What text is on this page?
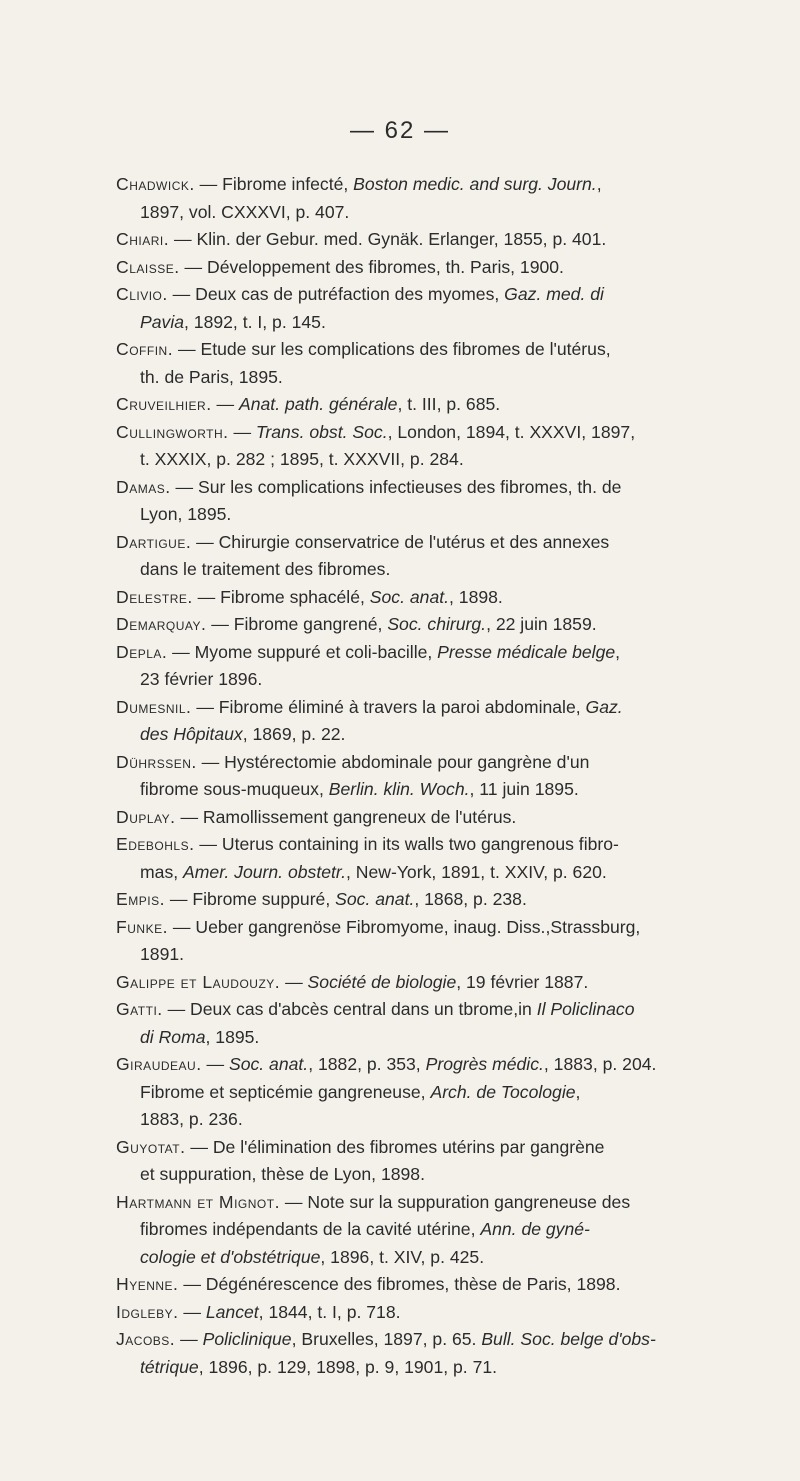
— 62 —
Chadwick. — Fibrome infecté, Boston medic. and surg. Journ.,
1897, vol. CXXXVI, p. 407.
Chiari. — Klin. der Gebur. med. Gynäk. Erlanger, 1855, p. 401.
Claisse. — Développement des fibromes, th. Paris, 1900.
Clivio. — Deux cas de putréfaction des myomes, Gaz. med. di
Pavia, 1892, t. I, p. 145.
Coffin. — Etude sur les complications des fibromes de l'utérus,
th. de Paris, 1895.
Cruveilhier. — Anat. path. générale, t. III, p. 685.
Cullingworth. — Trans. obst. Soc., London, 1894, t. XXXVI, 1897,
t. XXXIX, p. 282 ; 1895, t. XXXVII, p. 284.
Damas. — Sur les complications infectieuses des fibromes, th. de
Lyon, 1895.
Dartigue. — Chirurgie conservatrice de l'utérus et des annexes
dans le traitement des fibromes.
Delestre. — Fibrome sphacélé, Soc. anat., 1898.
Demarquay. — Fibrome gangrené, Soc. chirurg., 22 juin 1859.
Depla. — Myome suppuré et coli-bacille, Presse médicale belge,
23 février 1896.
Dumesnil. — Fibrome éliminé à travers la paroi abdominale, Gaz.
des Hôpitaux, 1869, p. 22.
Dührssen. — Hystérectomie abdominale pour gangrène d'un
fibrome sous-muqueux, Berlin. klin. Woch., 11 juin 1895.
Duplay. — Ramollissement gangreneux de l'utérus.
Edebohls. — Uterus containing in its walls two gangrenous fibro-
mas, Amer. Journ. obstetr., New-York, 1891, t. XXIV, p. 620.
Empis. — Fibrome suppuré, Soc. anat., 1868, p. 238.
Funke. — Ueber gangrenöse Fibromyome, inaug. Diss.,Strassburg,
1891.
Galippe et Laudouzy. — Société de biologie, 19 février 1887.
Gatti. — Deux cas d'abcès central dans un tbrome,in Il Policlinaco
di Roma, 1895.
Giraudeau. — Soc. anat., 1882, p. 353, Progrès médic., 1883, p. 204.
Fibrome et septicémie gangreneuse, Arch. de Tocologie,
1883, p. 236.
Guyotat. — De l'élimination des fibromes utérins par gangrène
et suppuration, thèse de Lyon, 1898.
Hartmann et Mignot. — Note sur la suppuration gangreneuse des
fibromes indépendants de la cavité utérine, Ann. de gyné-
cologie et d'obstétrique, 1896, t. XIV, p. 425.
Hyenne. — Dégénérescence des fibromes, thèse de Paris, 1898.
Idgleby. — Lancet, 1844, t. I, p. 718.
Jacobs. — Policlinique, Bruxelles, 1897, p. 65. Bull. Soc. belge d'obs-
tétrique, 1896, p. 129, 1898, p. 9, 1901, p. 71.
